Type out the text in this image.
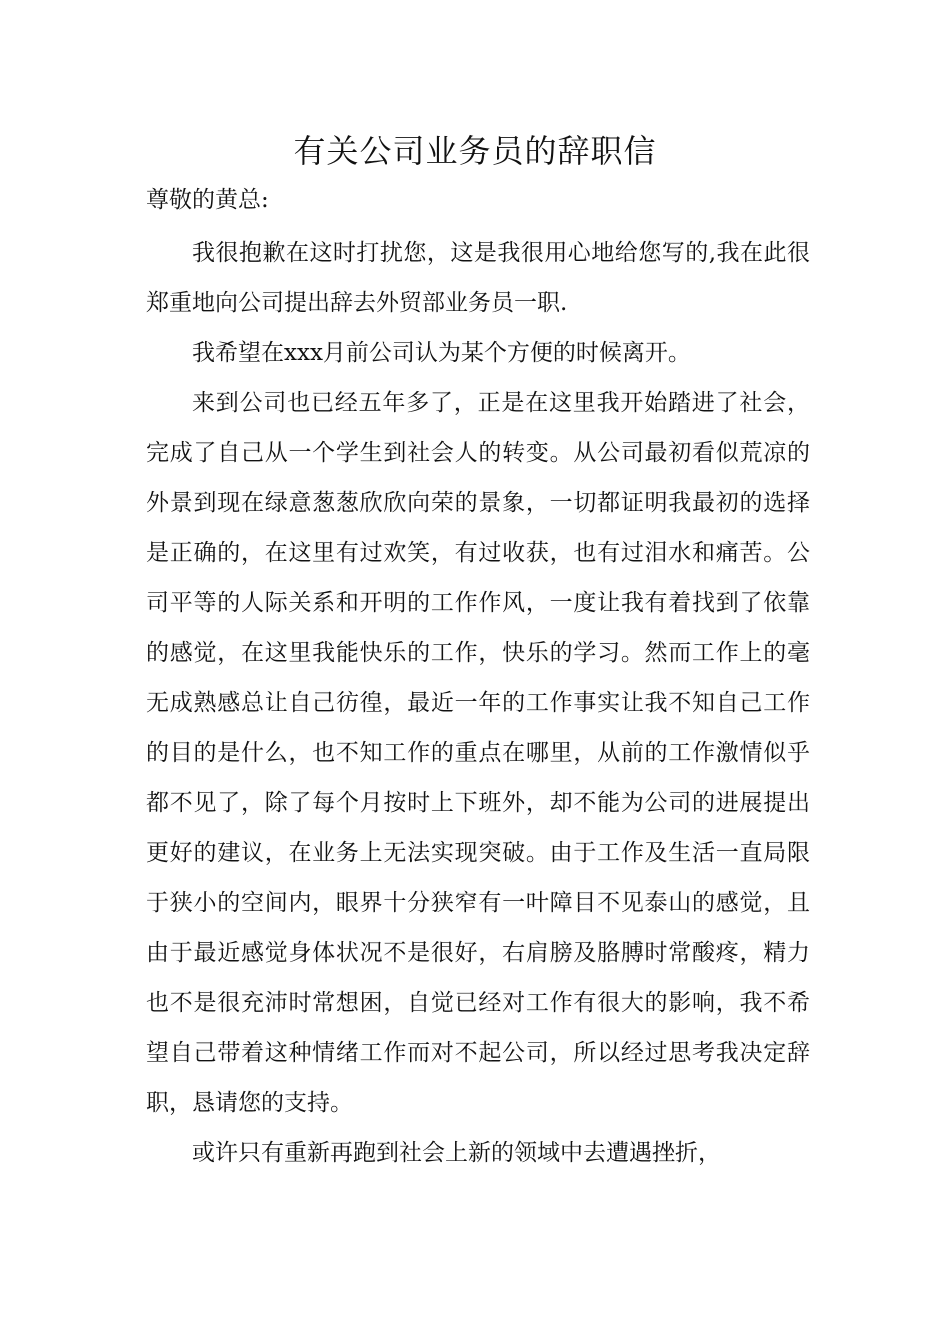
有关公司业务员的辞职信
尊敬的黄总:

我很抱歉在这时打扰您，这是我很用心地给您写的,我在此很郑重地向公司提出辞去外贸部业务员一职.

我希望在xxx月前公司认为某个方便的时候离开。

来到公司也已经五年多了，正是在这里我开始踏进了社会，完成了自己从一个学生到社会人的转变。从公司最初看似荒凉的外景到现在绿意葱葱欣欣向荣的景象，一切都证明我最初的选择是正确的，在这里有过欢笑，有过收获，也有过泪水和痛苦。公司平等的人际关系和开明的工作作风，一度让我有着找到了依靠的感觉，在这里我能快乐的工作，快乐的学习。然而工作上的毫无成熟感总让自己彷徨，最近一年的工作事实让我不知自己工作的目的是什么，也不知工作的重点在哪里，从前的工作激情似乎都不见了，除了每个月按时上下班外，却不能为公司的进展提出更好的建议，在业务上无法实现突破。由于工作及生活一直局限于狭小的空间内，眼界十分狭窄有一叶障目不见泰山的感觉，且由于最近感觉身体状况不是很好，右肩膀及胳膊时常酸疼，精力也不是很充沛时常想困，自觉已经对工作有很大的影响，我不希望自己带着这种情绪工作而对不起公司，所以经过思考我决定辞职，恳请您的支持。

或许只有重新再跑到社会上新的领域中去遭遇挫折，
